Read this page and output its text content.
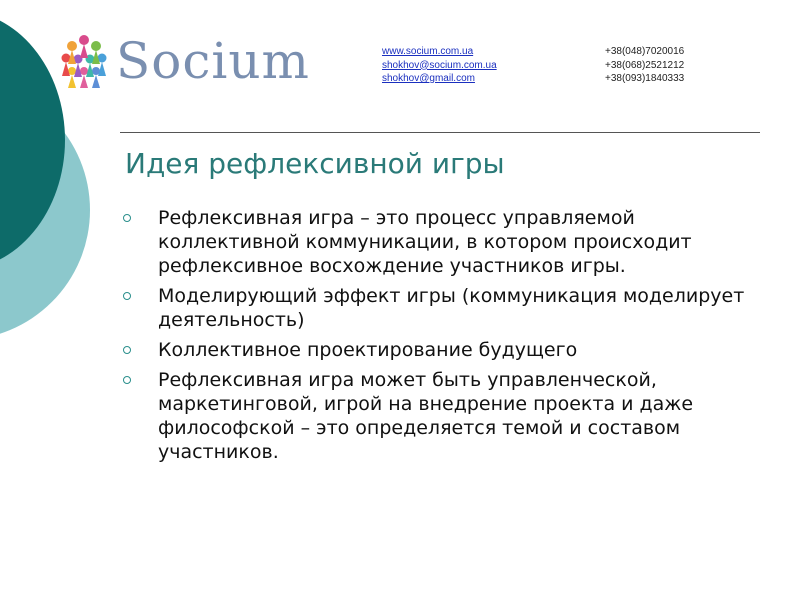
Socium	www.socium.com.ua
shokhov@socium.com.ua
shokhov@gmail.com
+38(048)7020016
+38(068)2521212
+38(093)1840333
Идея рефлексивной игры
Рефлексивная игра – это процесс управляемой коллективной коммуникации, в котором происходит рефлексивное восхождение участников игры.
Моделирующий эффект игры (коммуникация моделирует деятельность)
Коллективное проектирование будущего
Рефлексивная игра может быть управленческой, маркетинговой, игрой на внедрение проекта и даже философской – это определяется темой и составом участников.
